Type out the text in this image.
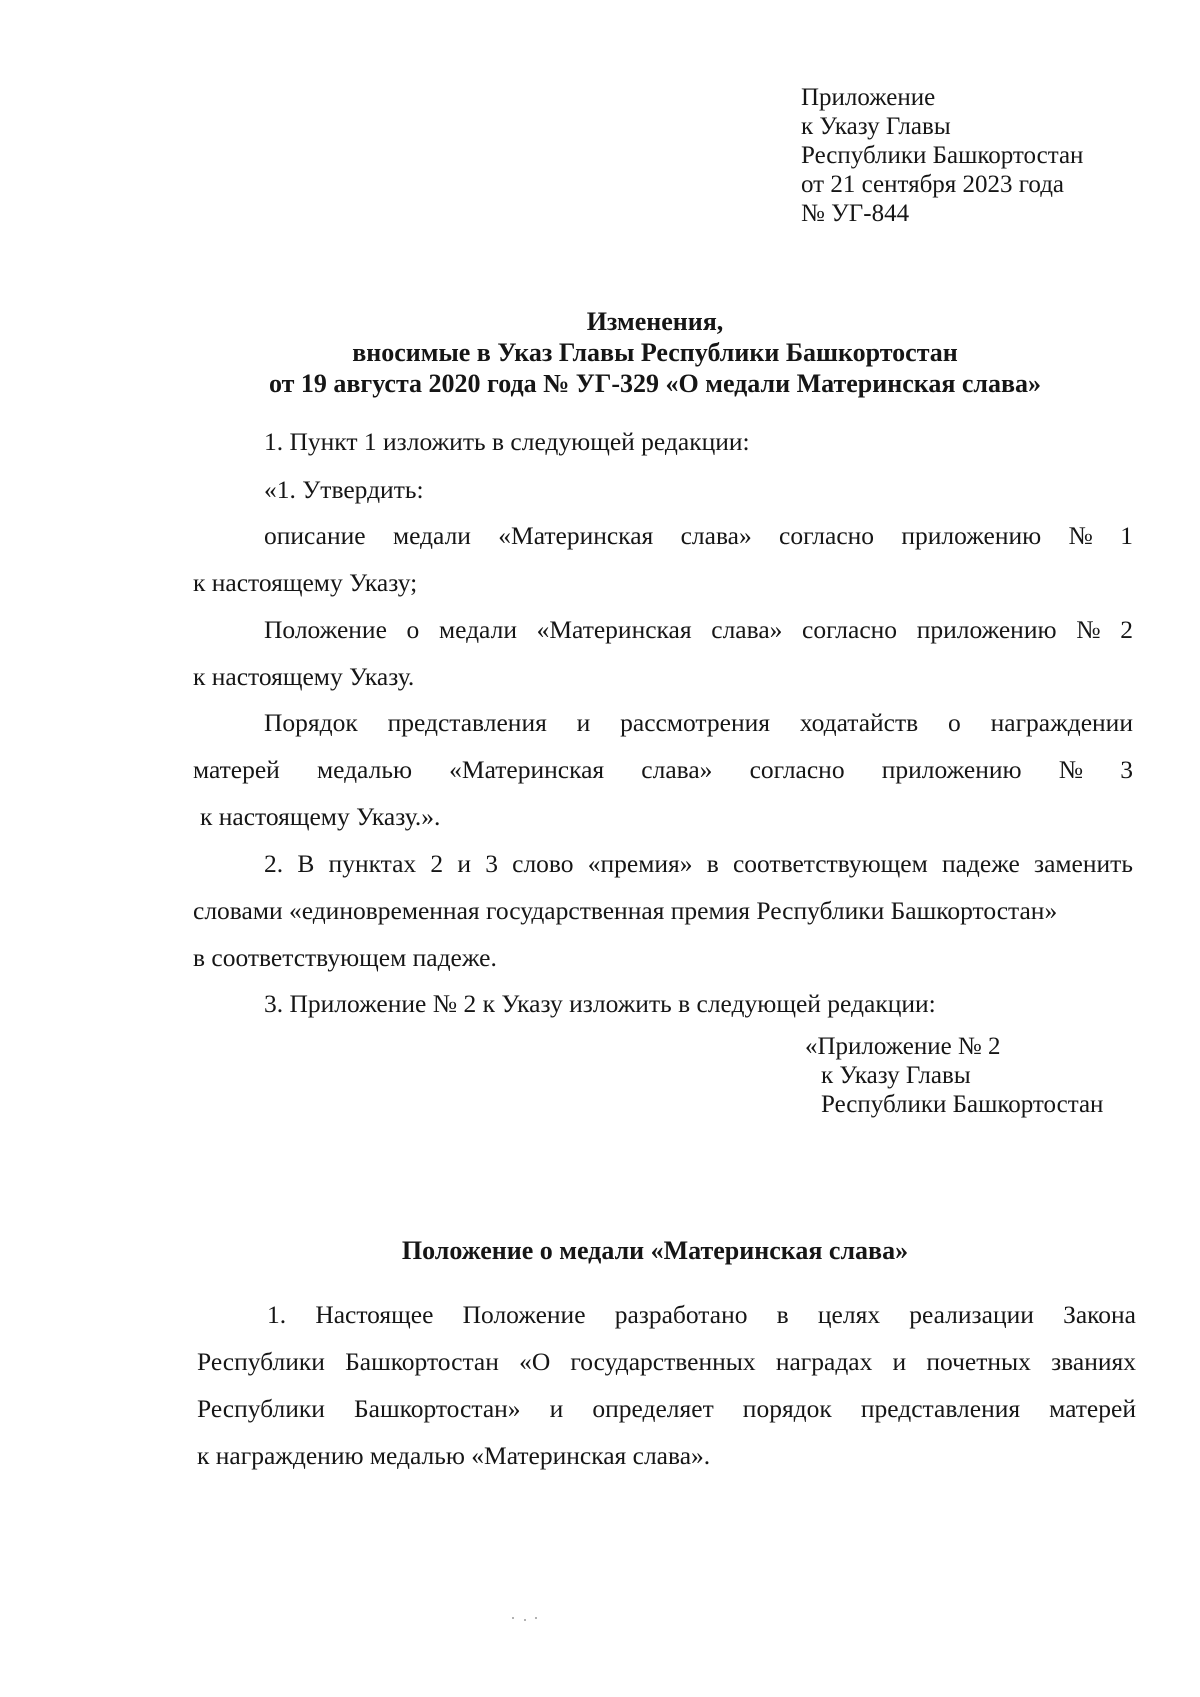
Приложение
к Указу Главы
Республики Башкортостан
от 21 сентября 2023 года
№ УГ-844
Изменения,
вносимые в Указ Главы Республики Башкортостан
от 19 августа 2020 года № УГ-329 «О медали Материнская слава»
1. Пункт 1 изложить в следующей редакции:
«1. Утвердить:
описание медали «Материнская слава» согласно приложению № 1
к настоящему Указу;
Положение о медали «Материнская слава» согласно приложению № 2
к настоящему Указу.
Порядок представления и рассмотрения ходатайств о награждении
матерей медалью «Материнская слава» согласно приложению № 3
к настоящему Указу.».
2. В пунктах 2 и 3 слово «премия» в соответствующем падеже заменить
словами «единовременная государственная премия Республики Башкортостан»
в соответствующем падеже.
3. Приложение № 2 к Указу изложить в следующей редакции:
«Приложение № 2
к Указу Главы
Республики Башкортостан
Положение о медали «Материнская слава»
1. Настоящее Положение разработано в целях реализации Закона
Республики Башкортостан «О государственных наградах и почетных званиях
Республики Башкортостан» и определяет порядок представления матерей
к награждению медалью «Материнская слава».
